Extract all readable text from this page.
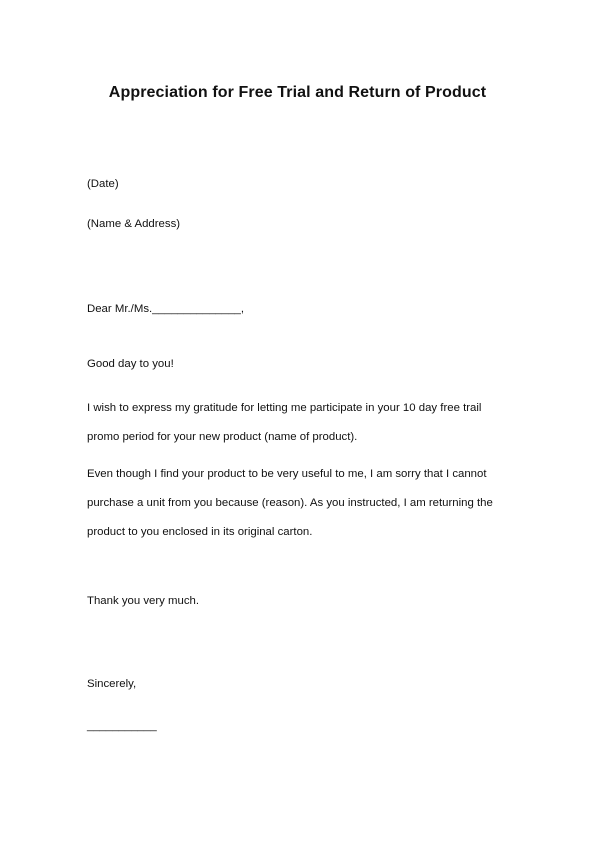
Appreciation for Free Trial and Return of Product
(Date)
(Name & Address)
Dear Mr./Ms.______________,
Good day to you!
I wish to express my gratitude for letting me participate in your 10 day free trail
promo period for your new product (name of product).
Even though I find your product to be very useful to me, I am sorry that I cannot
purchase a unit from you because (reason). As you instructed, I am returning the
product to you enclosed in its original carton.
Thank you very much.
Sincerely,
___________
